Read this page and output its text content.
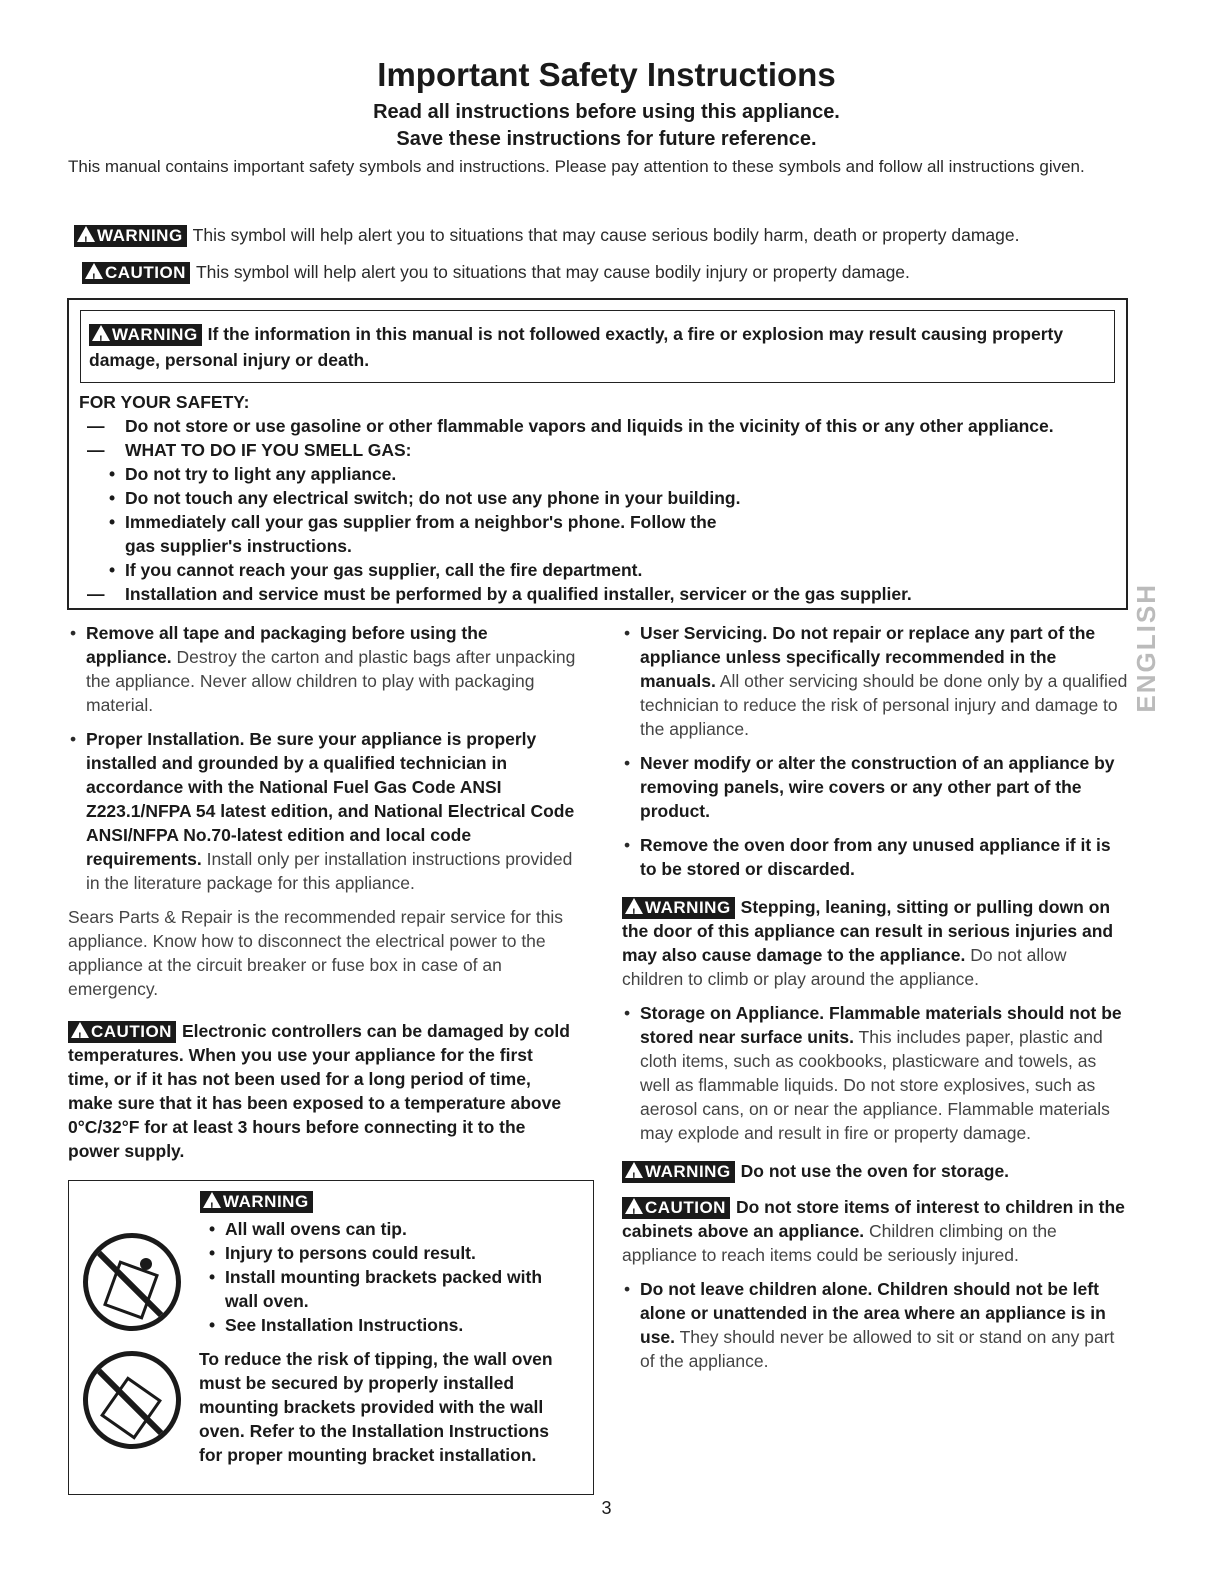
Important Safety Instructions
Read all instructions before using this appliance.
Save these instructions for future reference.
This manual contains important safety symbols and instructions. Please pay attention to these symbols and follow all instructions given.
! WARNING This symbol will help alert you to situations that may cause serious bodily harm, death or property damage.
! CAUTION This symbol will help alert you to situations that may cause bodily injury or property damage.
! WARNING If the information in this manual is not followed exactly, a fire or explosion may result causing property damage, personal injury or death.
FOR YOUR SAFETY:
— Do not store or use gasoline or other flammable vapors and liquids in the vicinity of this or any other appliance.
— WHAT TO DO IF YOU SMELL GAS:
• Do not try to light any appliance.
• Do not touch any electrical switch; do not use any phone in your building.
• Immediately call your gas supplier from a neighbor's phone. Follow the gas supplier's instructions.
• If you cannot reach your gas supplier, call the fire department.
— Installation and service must be performed by a qualified installer, servicer or the gas supplier.	ENGLISH
• Remove all tape and packaging before using the appliance. Destroy the carton and plastic bags after unpacking the appliance. Never allow children to play with packaging material.
• Proper Installation. Be sure your appliance is properly installed and grounded by a qualified technician in accordance with the National Fuel Gas Code ANSI Z223.1/NFPA 54 latest edition, and National Electrical Code ANSI/NFPA No.70-latest edition and local code requirements. Install only per installation instructions provided in the literature package for this appliance.
Sears Parts & Repair is the recommended repair service for this appliance. Know how to disconnect the electrical power to the appliance at the circuit breaker or fuse box in case of an emergency.
! CAUTION Electronic controllers can be damaged by cold temperatures. When you use your appliance for the first time, or if it has not been used for a long period of time, make sure that it has been exposed to a temperature above 0°C/32°F for at least 3 hours before connecting it to the power supply.
! WARNING
• All wall ovens can tip.
• Injury to persons could result.
• Install mounting brackets packed with wall oven.
• See Installation Instructions.
To reduce the risk of tipping, the wall oven must be secured by properly installed mounting brackets provided with the wall oven. Refer to the Installation Instructions for proper mounting bracket installation.
• User Servicing. Do not repair or replace any part of the appliance unless specifically recommended in the manuals. All other servicing should be done only by a qualified technician to reduce the risk of personal injury and damage to the appliance.
• Never modify or alter the construction of an appliance by removing panels, wire covers or any other part of the product.
• Remove the oven door from any unused appliance if it is to be stored or discarded.
! WARNING Stepping, leaning, sitting or pulling down on the door of this appliance can result in serious injuries and may also cause damage to the appliance. Do not allow children to climb or play around the appliance.
• Storage on Appliance. Flammable materials should not be stored near surface units. This includes paper, plastic and cloth items, such as cookbooks, plasticware and towels, as well as flammable liquids. Do not store explosives, such as aerosol cans, on or near the appliance. Flammable materials may explode and result in fire or property damage.
! WARNING Do not use the oven for storage.
! CAUTION Do not store items of interest to children in the cabinets above an appliance. Children climbing on the appliance to reach items could be seriously injured.
• Do not leave children alone. Children should not be left alone or unattended in the area where an appliance is in use. They should never be allowed to sit or stand on any part of the appliance.
3
